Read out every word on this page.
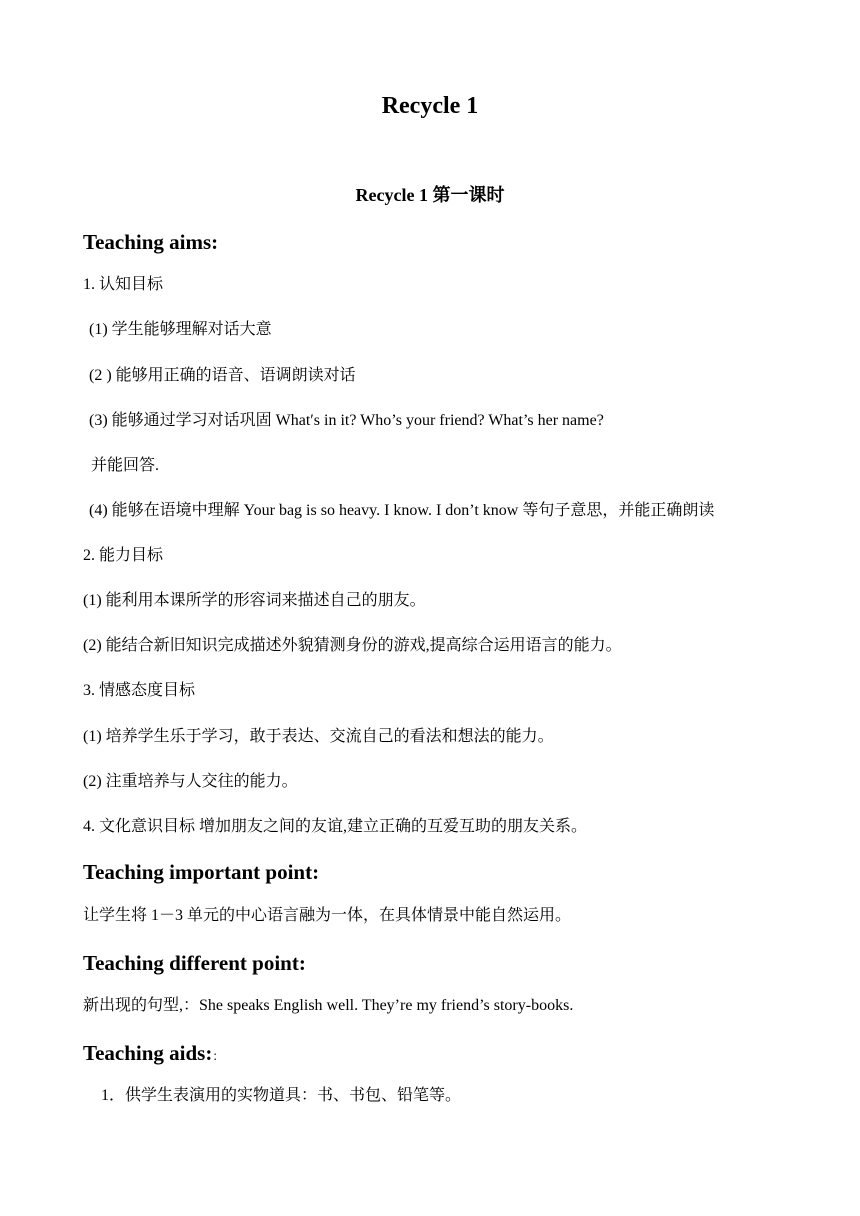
Recycle 1
Recycle 1 第一课时
Teaching aims:
1. 认知目标
(1) 学生能够理解对话大意
(2 ) 能够用正确的语音、语调朗读对话
(3) 能够通过学习对话巩固 What′s in it? Who’s your friend? What’s her name?
并能回答.
(4) 能够在语境中理解 Your bag is so heavy. I know. I don’t know 等句子意思，并能正确朗读
2. 能力目标
(1) 能利用本课所学的形容词来描述自己的朋友。
(2) 能结合新旧知识完成描述外貌猜测身份的游戏,提高综合运用语言的能力。
3. 情感态度目标
(1) 培养学生乐于学习，敢于表达、交流自己的看法和想法的能力。
(2) 注重培养与人交往的能力。
4. 文化意识目标 增加朋友之间的友谊,建立正确的互爱互助的朋友关系。
Teaching important point:
让学生将 1－3 单元的中心语言融为一体，在具体情景中能自然运用。
Teaching different point:
新出现的句型,：She speaks English well. They’re my friend’s story-books.
Teaching aids:：
1．供学生表演用的实物道具：书、书包、铅笔等。
